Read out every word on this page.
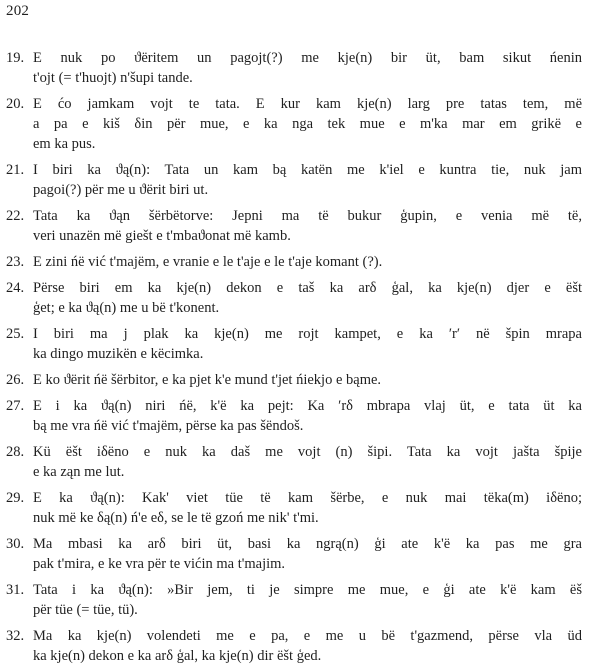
202
19. E nuk po ϑëritem un pagojt(?) me kje(n) bir üt, bam sikut ńenin
t'ojt (= t'huojt) n'šupi tande.
20. E ćo jamkam vojt te tata. E kur kam kje(n) larg pre tatas tem, më
a pa e kiš δin për mue, e ka nga tek mue e m'ka mar em grikë e
em ka pus.
21. I biri ka ϑą(n): Tata un kam bą katën me k'iel e kuntra tie, nuk jam
pagoi(?) për me u ϑërit biri ut.
22. Tata ka ϑąn šërbëtorve: Jepni ma të bukur ģupin, e venia më të,
veri unazën më giešt e t'mbaϑonat më kamb.
23. E zini ńë vić t'majëm, e vranie e le t'aje e le t'aje komant (?).
24. Përse biri em ka kje(n) dekon e taš ka arδ ģal, ka kje(n) djer e ëšt
ģet; e ka ϑą(n) me u bë t'konent.
25. I biri ma j plak ka kje(n) me rojt kampet, e ka ʹrʹ në špin mrapa
ka dingo muzikën e këcimka.
26. E ko ϑërit ńë šërbitor, e ka pjet k'e mund t'jet ńiekjo e bąme.
27. E i ka ϑą(n) niri ńë, k'ë ka pejt: Ka ʹrδ mbrapa vlaj üt, e tata üt ka
bą me vra ńë vić t'majëm, përse ka pas šëndoš.
28. Kü ëšt iδëno e nuk ka daš me vojt (n) šipi. Tata ka vojt jašta špije
e ka ząn me lut.
29. E ka ϑą(n): Kak' viet tüe të kam šërbe, e nuk mai tëka(m) iδëno;
nuk më ke δą(n) ń'e eδ, se le të gzoń me nik' t'mi.
30. Ma mbasi ka arδ biri üt, basi ka ngrą(n) ģi ate k'ë ka pas me gra
pak t'mira, e ke vra për te vićin ma t'majim.
31. Tata i ka ϑą(n): »Bir jem, ti je simpre me mue, e ģi ate k'ë kam ëš
për tüe (= tüe, tü).
32. Ma ka kje(n) volendeti me e pa, e me u bë t'gazmend, përse vla üd
ka kje(n) dekon e ka arδ ģal, ka kje(n) dir ëšt ģed.
